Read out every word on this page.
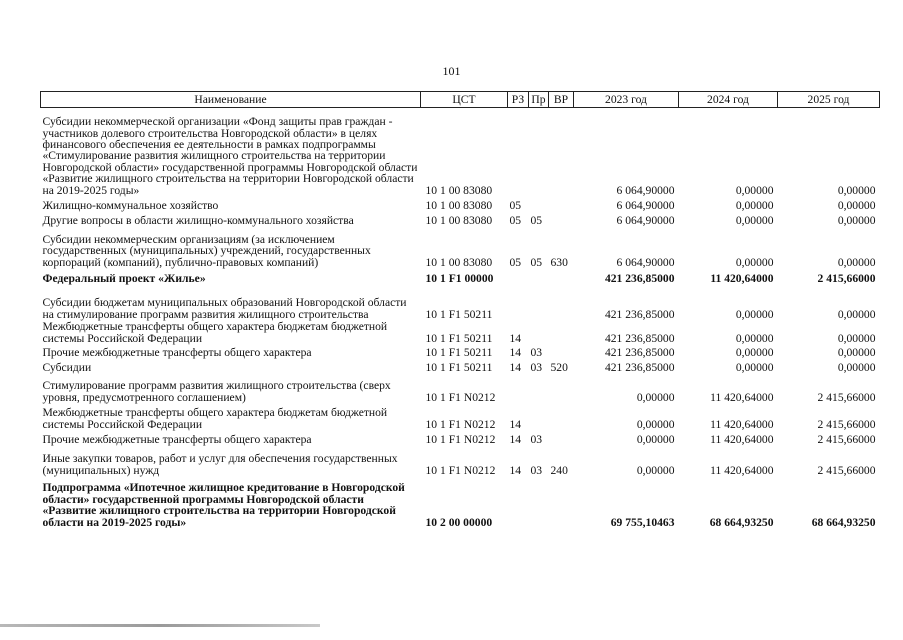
101
Наименование	ЦСТ	РЗ	Пр	ВР	2023 год	2024 год	2025 год
Субсидии некоммерческой организации «Фонд защиты прав граждан - участников долевого строительства Новгородской области» в целях финансового обеспечения ее деятельности в рамках подпрограммы «Стимулирование развития жилищного строительства на территории Новгородской области» государственной программы Новгородской области «Развитие жилищного строительства на территории Новгородской области на 2019-2025 годы»	10 1 00 83080				6 064,90000	0,00000	0,00000
Жилищно-коммунальное хозяйство	10 1 00 83080	05			6 064,90000	0,00000	0,00000
Другие вопросы в области жилищно-коммунального хозяйства	10 1 00 83080	05	05		6 064,90000	0,00000	0,00000
Субсидии некоммерческим организациям (за исключением государственных (муниципальных) учреждений, государственных корпораций (компаний), публично-правовых компаний)	10 1 00 83080	05	05	630	6 064,90000	0,00000	0,00000
Федеральный проект «Жилье»	10 1 F1 00000				421 236,85000	11 420,64000	2 415,66000
Субсидии бюджетам муниципальных образований Новгородской области на стимулирование программ развития жилищного строительства	10 1 F1 50211				421 236,85000	0,00000	0,00000
Межбюджетные трансферты общего характера бюджетам бюджетной системы Российской Федерации	10 1 F1 50211	14			421 236,85000	0,00000	0,00000
Прочие межбюджетные трансферты общего характера	10 1 F1 50211	14	03		421 236,85000	0,00000	0,00000
Субсидии	10 1 F1 50211	14	03	520	421 236,85000	0,00000	0,00000
Стимулирование программ развития жилищного строительства (сверх уровня, предусмотренного соглашением)	10 1 F1 N0212				0,00000	11 420,64000	2 415,66000
Межбюджетные трансферты общего характера бюджетам бюджетной системы Российской Федерации	10 1 F1 N0212	14			0,00000	11 420,64000	2 415,66000
Прочие межбюджетные трансферты общего характера	10 1 F1 N0212	14	03		0,00000	11 420,64000	2 415,66000
Иные закупки товаров, работ и услуг для обеспечения государственных (муниципальных) нужд	10 1 F1 N0212	14	03	240	0,00000	11 420,64000	2 415,66000
Подпрограмма «Ипотечное жилищное кредитование в Новгородской области» государственной программы Новгородской области «Развитие жилищного строительства на территории Новгородской области на 2019-2025 годы»	10 2 00 00000				69 755,10463	68 664,93250	68 664,93250
